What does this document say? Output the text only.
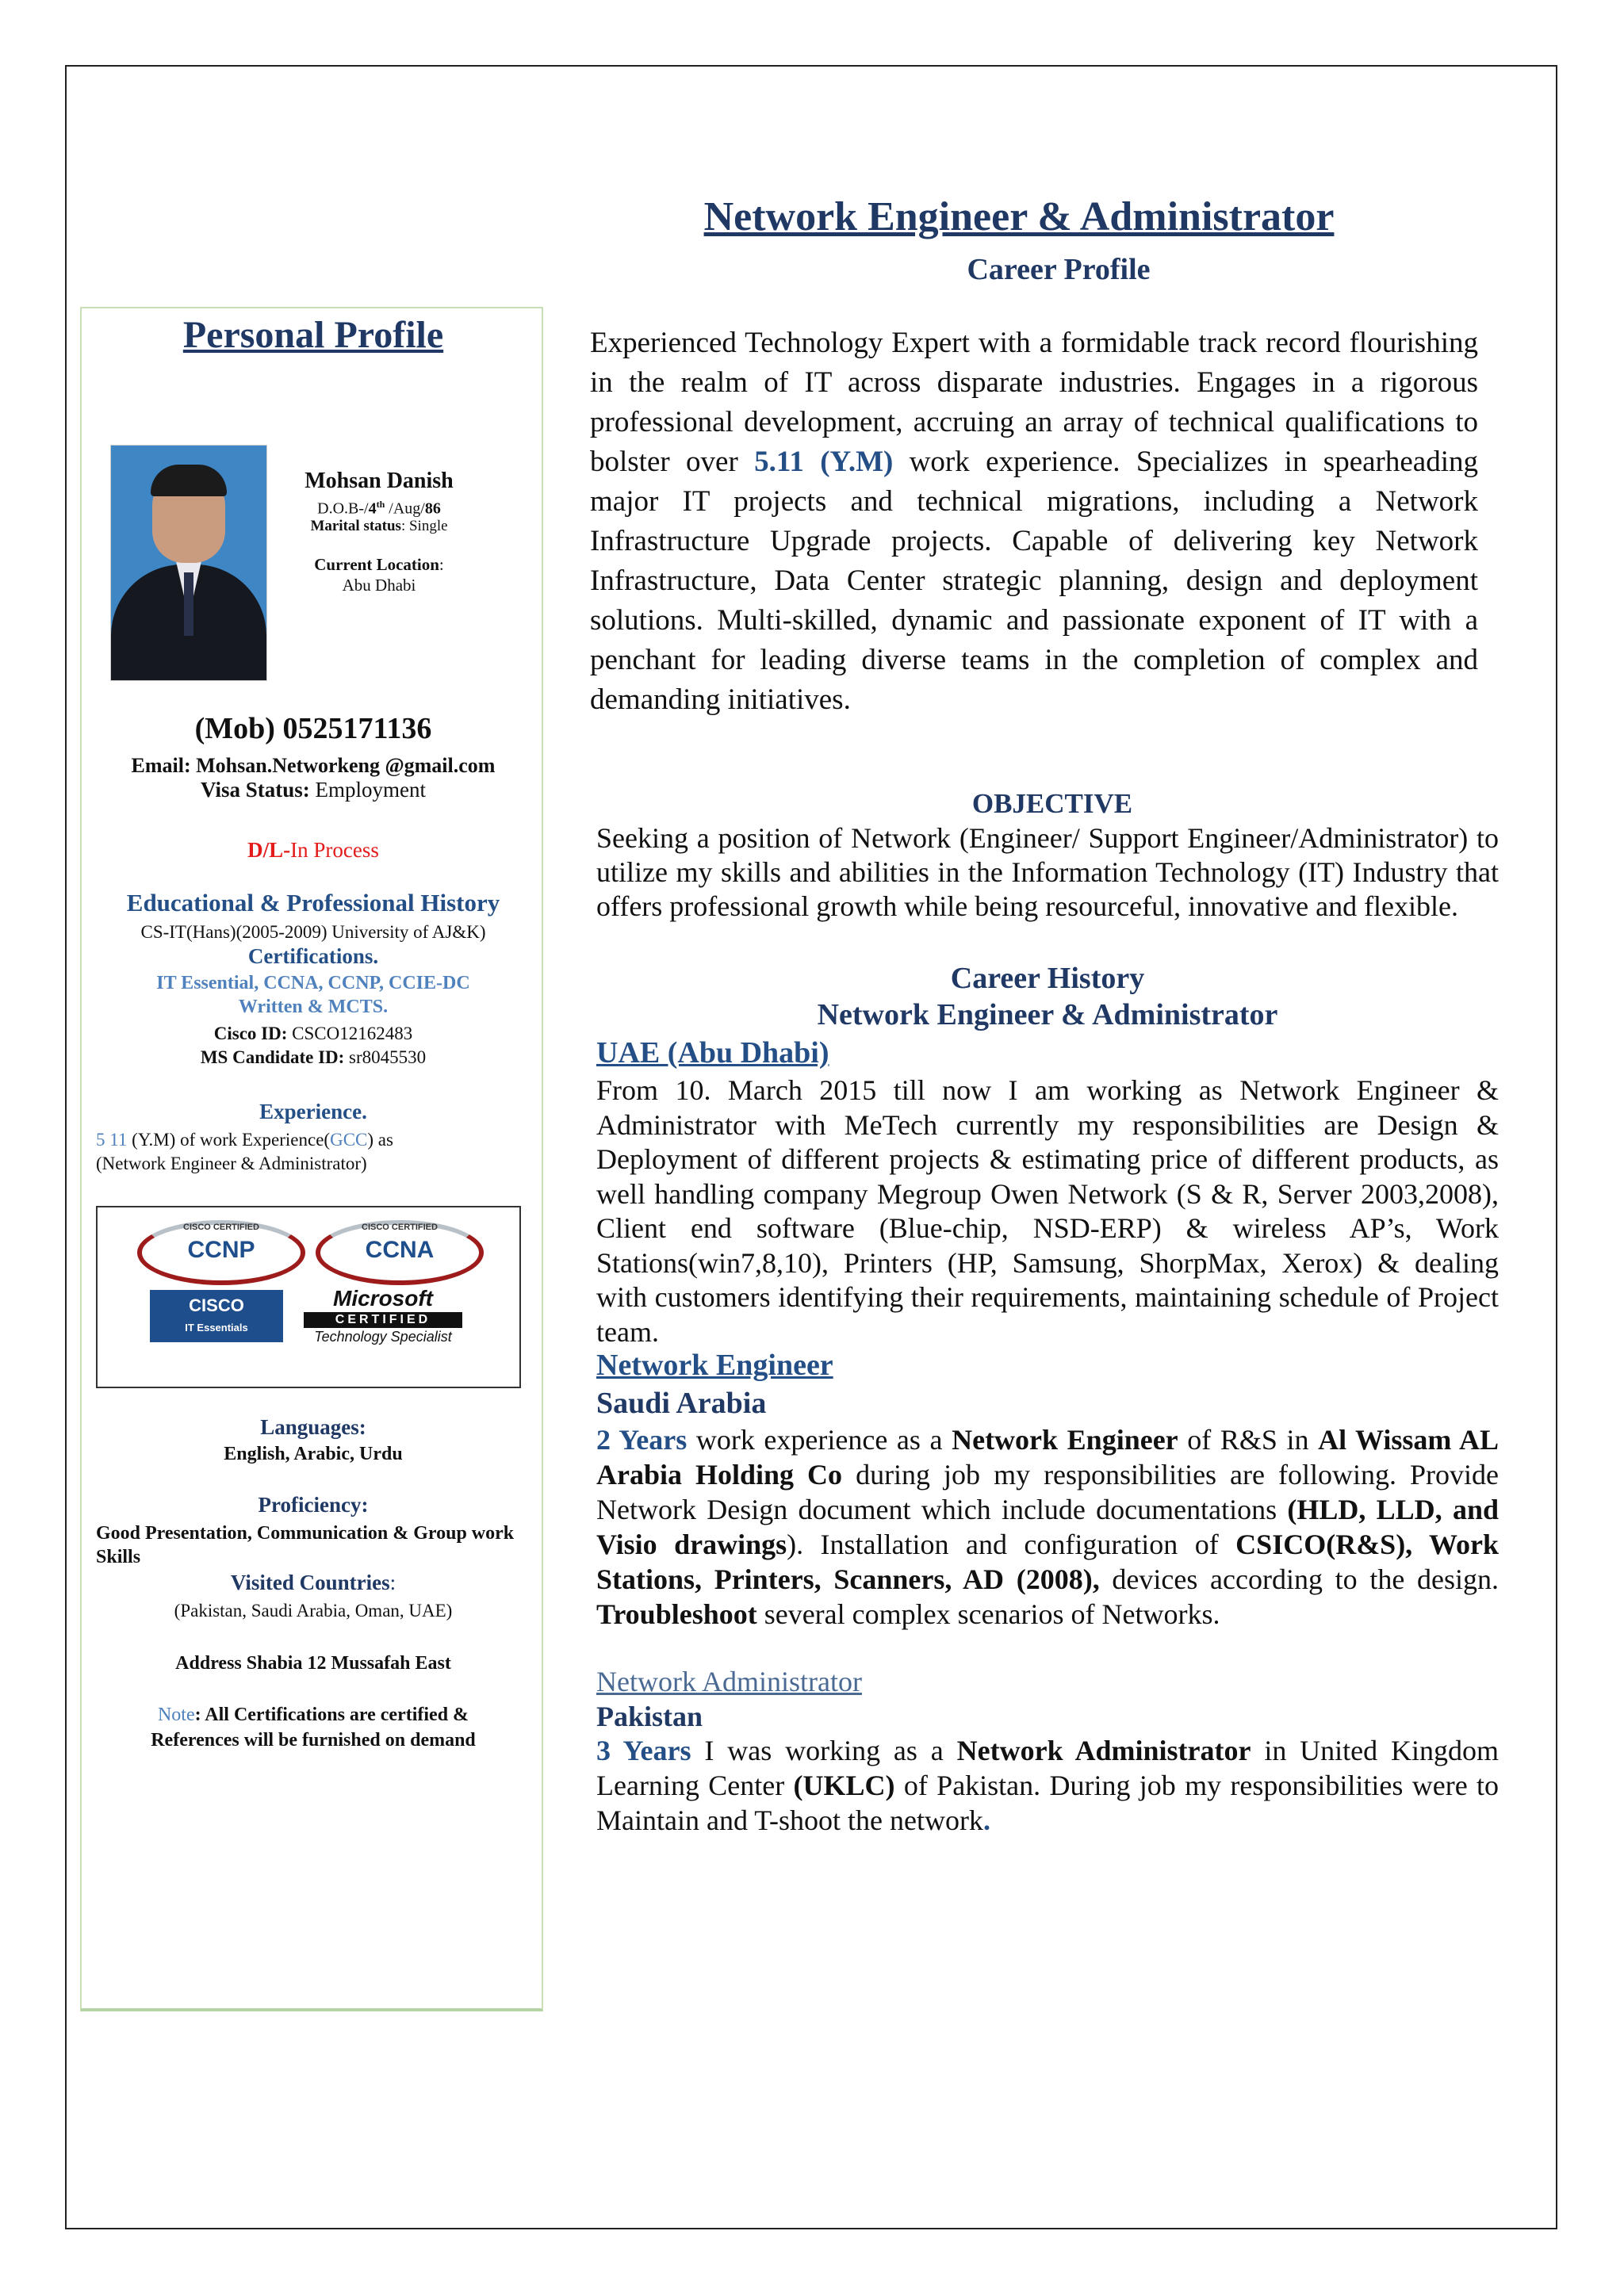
Network Engineer & Administrator
Career Profile
Personal Profile
Mohsan Danish
D.O.B-/4th /Aug/86
Marital status: Single
Current Location:
Abu Dhabi
(Mob) 0525171136
Email: Mohsan.Networkeng @gmail.com
Visa Status: Employment
D/L-In Process
Educational & Professional History
CS-IT(Hans)(2005-2009) University of AJ&K)
Certifications.
IT Essential, CCNA, CCNP, CCIE-DC Written & MCTS.
Cisco ID: CSCO12162483
MS Candidate ID: sr8045530
Experience.
5 11 (Y.M) of work Experience(GCC) as
(Network Engineer & Administrator)
CISCO CERTIFIED
CCNP
CISCO CERTIFIED
CCNA
CISCO
IT Essentials
Microsoft
CERTIFIED
Technology Specialist
Languages:
English, Arabic, Urdu
Proficiency:
Good Presentation, Communication & Group work Skills
Visited Countries:
(Pakistan, Saudi Arabia, Oman, UAE)
Address Shabia 12 Mussafah East
Note: All Certifications are certified & References will be furnished on demand
Experienced Technology Expert with a formidable track record flourishing in the realm of IT across disparate industries. Engages in a rigorous professional development, accruing an array of technical qualifications to bolster over 5.11 (Y.M) work experience. Specializes in spearheading major IT projects and technical migrations, including a Network Infrastructure Upgrade projects. Capable of delivering key Network Infrastructure, Data Center strategic planning, design and deployment solutions. Multi-skilled, dynamic and passionate exponent of IT with a penchant for leading diverse teams in the completion of complex and demanding initiatives.
OBJECTIVE
Seeking a position of Network (Engineer/ Support Engineer/Administrator) to utilize my skills and abilities in the Information Technology (IT) Industry that offers professional growth while being resourceful, innovative and flexible.
Career History
Network Engineer & Administrator
UAE (Abu Dhabi)
From 10. March 2015 till now I am working as Network Engineer & Administrator with MeTech currently my responsibilities are Design & Deployment of different projects & estimating price of different products, as well handling company Megroup Owen Network (S & R, Server 2003,2008), Client end software (Blue-chip, NSD-ERP) & wireless AP’s, Work Stations(win7,8,10), Printers (HP, Samsung, ShorpMax, Xerox) & dealing with customers identifying their requirements, maintaining schedule of Project team.
Network Engineer
Saudi Arabia
2 Years work experience as a Network Engineer of R&S in Al Wissam AL Arabia Holding Co during job my responsibilities are following. Provide Network Design document which include documentations (HLD, LLD, and Visio drawings). Installation and configuration of CSICO(R&S), Work Stations, Printers, Scanners, AD (2008), devices according to the design. Troubleshoot several complex scenarios of Networks.
Network Administrator
Pakistan
3 Years I was working as a Network Administrator in United Kingdom Learning Center (UKLC) of Pakistan. During job my responsibilities were to Maintain and T-shoot the network.
